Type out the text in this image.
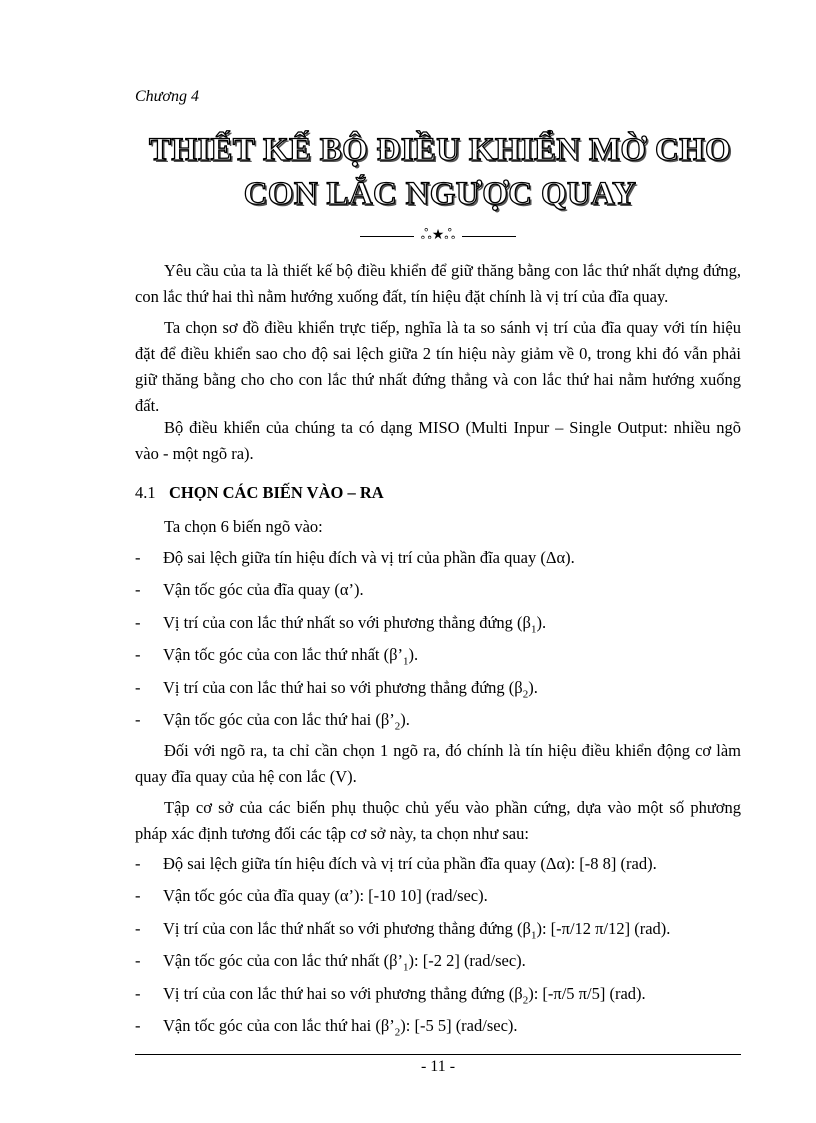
Chương 4
THIẾT KẾ BỘ ĐIỀU KHIỂN MỜ CHO
CON LẮC NGƯỢC QUAY
ஃ★ஃ
Yêu cầu của ta là thiết kế bộ điều khiển để giữ thăng bằng con lắc thứ nhất dựng đứng, con lắc thứ hai thì nằm hướng xuống đất, tín hiệu đặt chính là vị trí của đĩa quay.
Ta chọn sơ đồ điều khiển trực tiếp, nghĩa là ta so sánh vị trí của đĩa quay với tín hiệu đặt để điều khiển sao cho độ sai lệch giữa 2 tín hiệu này giảm về 0, trong khi đó vẫn phải giữ thăng bằng cho cho con lắc thứ nhất đứng thẳng và con lắc thứ hai nằm hướng xuống đất.
Bộ điều khiển của chúng ta có dạng MISO (Multi Inpur – Single Output: nhiều ngõ vào - một ngõ ra).
4.1 CHỌN CÁC BIẾN VÀO – RA
Ta chọn 6 biến ngõ vào:
- Độ sai lệch giữa tín hiệu đích và vị trí của phần đĩa quay (Δα).
- Vận tốc góc của đĩa quay (α’).
- Vị trí của con lắc thứ nhất so với phương thẳng đứng $(\beta_1)$.
- Vận tốc góc của con lắc thứ nhất $(\beta’_1)$.
- Vị trí của con lắc thứ hai so với phương thẳng đứng $(\beta_2)$.
- Vận tốc góc của con lắc thứ hai $(\beta’_2)$.
Đối với ngõ ra, ta chỉ cần chọn 1 ngõ ra, đó chính là tín hiệu điều khiển động cơ làm quay đĩa quay của hệ con lắc (V).
Tập cơ sở của các biến phụ thuộc chủ yếu vào phần cứng, dựa vào một số phương pháp xác định tương đối các tập cơ sở này, ta chọn như sau:
- Độ sai lệch giữa tín hiệu đích và vị trí của phần đĩa quay (Δα): [-8 8] (rad).
- Vận tốc góc của đĩa quay (α’): [-10 10] (rad/sec).
- Vị trí của con lắc thứ nhất so với phương thẳng đứng $(\beta_1)$: [-π/12 π/12] (rad).
- Vận tốc góc của con lắc thứ nhất $(\beta’_1)$: [-2 2] (rad/sec).
- Vị trí của con lắc thứ hai so với phương thẳng đứng $(\beta_2)$: [-π/5 π/5] (rad).
- Vận tốc góc của con lắc thứ hai $(\beta’_2)$: [-5 5] (rad/sec).
- 11 -
